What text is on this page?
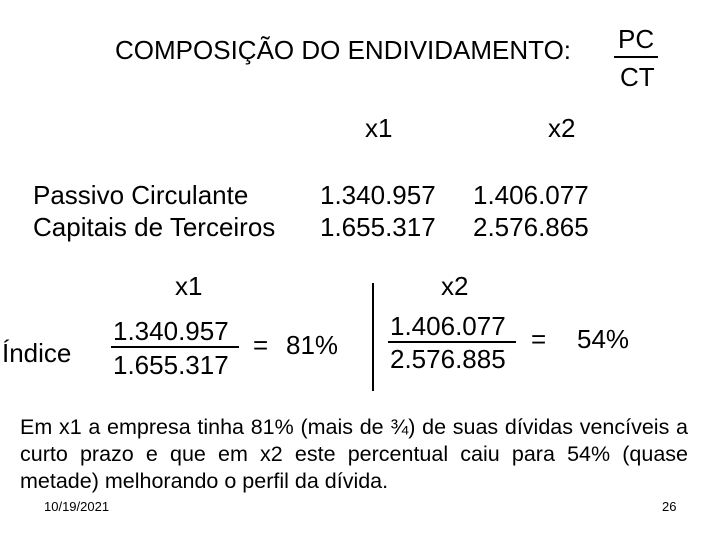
COMPOSIÇÃO DO ENDIVIDAMENTO: PC
CT
x1	x2
Passivo Circulante	1.340.957 1.406.077
Capitais de Terceiros 1.655.317 2.576.865
x1	x2
Índice
1.340.957
1.655.317
= 81%
1.406.077
2.576.885
= 54%
Em x1 a empresa tinha 81% (mais de ¾) de suas dívidas vencíveis a curto prazo e que em x2 este percentual caiu para 54% (quase metade) melhorando o perfil da dívida.
10/19/2021	26
